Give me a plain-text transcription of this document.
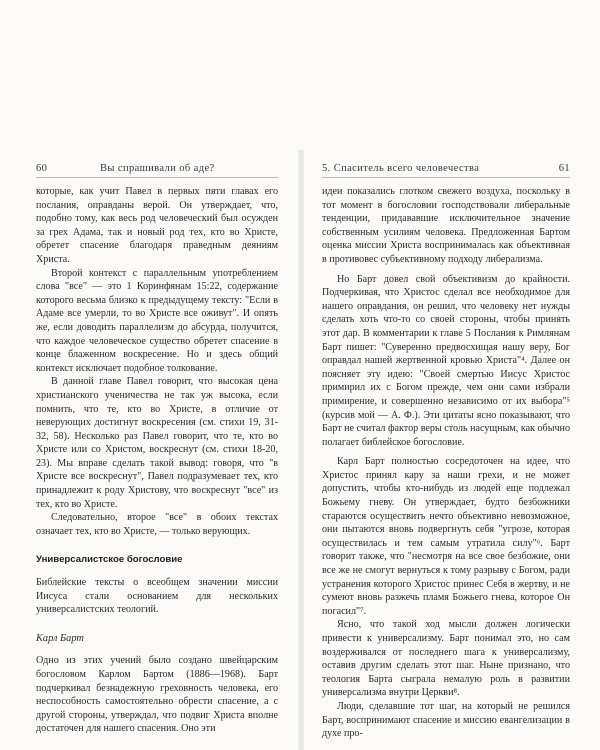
60	Вы спрашивали об аде?

которые, как учит Павел в первых пяти главах его послания, оправданы верой. Он утверждает, что, подобно тому, как весь род человеческий был осужден за грех Адама, так и новый род тех, кто во Христе, обретет спасение благодаря праведным деяниям Христа.

Второй контекст с параллельным употреблением слова "все" — это 1 Коринфянам 15:22, содержание которого весьма близко к предыдущему тексту: "Если в Адаме все умерли, то во Христе все оживут". И опять же, если доводить параллелизм до абсурда, получится, что каждое человеческое существо обретет спасение в конце блаженном воскресение. Но и здесь общий контекст исключает подобное толкование.

В данной главе Павел говорит, что высокая цена христианского ученичества не так уж высока, если помнить, что те, кто во Христе, в отличие от неверующих достигнут воскресения (см. стихи 19, 31-32, 58). Несколько раз Павел говорит, что те, кто во Христе или со Христом, воскреснут (см. стихи 18-20, 23). Мы вправе сделать такой вывод: говоря, что "в Христе все воскреснут", Павел подразумевает тех, кто принадлежит к роду Христову, что воскреснут "все" из тех, кто во Христе.

Следовательно, второе "все" в обоих текстах означает тех, кто во Христе, — только верующих.

Универсалистское богословие

Библейские тексты о всеобщем значении миссии Иисуса стали основанием для нескольких универсалистских теологий.

Карл Барт

Одно из этих учений было создано швейцарским богословом Карлом Бартом (1886—1968). Барт подчеркивал безнадежную греховность человека, его неспособность самостоятельно обрести спасение, а с другой стороны, утверждал, что подвиг Христа вполне достаточен для нашего спасения. Оно эти

5. Спаситель всего человечества	61

идеи показались глотком свежего воздуха, поскольку в тот момент в богословии господствовали либеральные тенденции, придававшие исключительное значение собственным усилиям человека. Предложенная Бартом оценка миссии Христа воспринималась как объективная в противовес субъективному подходу либерализма.

Но Барт довел свой объективизм до крайности. Подчеркивая, что Христос сделал все необходимое для нашего оправдания, он решил, что человеку нет нужды сделать хоть что-то со своей стороны, чтобы принять этот дар. В комментарии к главе 5 Послания к Римлянам Барт пишет: "Суверенно предвосхищая нашу веру, Бог оправдал нашей жертвенной кровью Христа"⁴. Далее он поясняет эту идею: "Своей смертью Иисус Христос примирил их с Богом прежде, чем они сами избрали примирение, и совершенно независимо от их выбора"⁵ (курсив мой — А. Ф.). Эти цитаты ясно показывают, что Барт не считал фактор веры столь насущным, как обычно полагает библейское богословие.

Карл Барт полностью сосредоточен на идее, что Христос принял кару за наши грехи, и не может допустить, чтобы кто-нибудь из людей еще подлежал Божьему гневу. Он утверждает, будто безбожники стараются осуществить нечто объективно невозможное, они пытаются вновь подвергнуть себя "угрозе, которая осуществилась и тем самым утратила силу"⁶. Барт говорит также, что "несмотря на все свое безбожие, они все же не смогут вернуться к тому разрыву с Богом, ради устранения которого Христос принес Себя в жертву, и не сумеют вновь разжечь пламя Божьего гнева, которое Он погасил"⁷.

Ясно, что такой ход мысли должен логически привести к универсализму. Барт понимал это, но сам воздерживался от последнего шага к универсализму, оставив другим сделать этот шаг. Ныне признано, что теология Барта сыграла немалую роль в развитии универсализма внутри Церкви⁸.

Люди, сделавшие тот шаг, на который не решился Барт, воспринимают спасение и миссию евангелизации в духе про-
